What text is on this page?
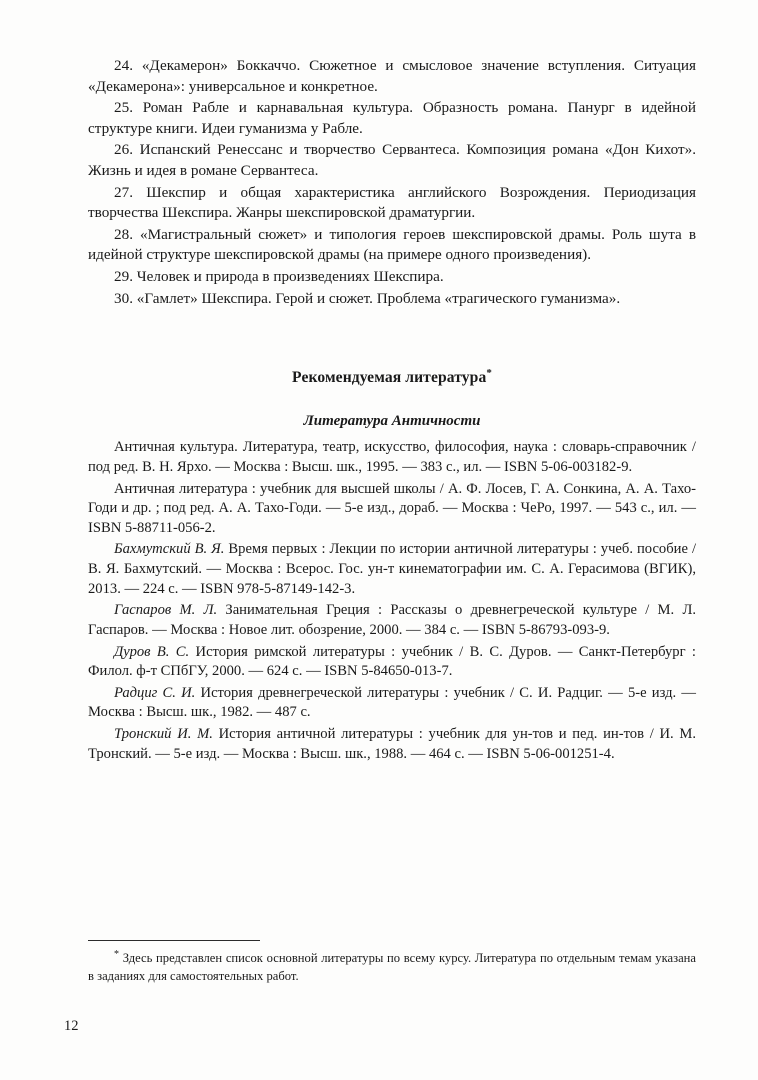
24. «Декамерон» Боккаччо. Сюжетное и смысловое значение вступления. Ситуация «Декамерона»: универсальное и конкретное.
25. Роман Рабле и карнавальная культура. Образность романа. Панург в идейной структуре книги. Идеи гуманизма у Рабле.
26. Испанский Ренессанс и творчество Сервантеса. Композиция романа «Дон Кихот». Жизнь и идея в романе Сервантеса.
27. Шекспир и общая характеристика английского Возрождения. Периодизация творчества Шекспира. Жанры шекспировской драматургии.
28. «Магистральный сюжет» и типология героев шекспировской драмы. Роль шута в идейной структуре шекспировской драмы (на примере одного произведения).
29. Человек и природа в произведениях Шекспира.
30. «Гамлет» Шекспира. Герой и сюжет. Проблема «трагического гуманизма».
Рекомендуемая литература*
Литература Античности
Античная культура. Литература, театр, искусство, философия, наука : словарь-справочник / под ред. В. Н. Ярхо. — Москва : Высш. шк., 1995. — 383 с., ил. — ISBN 5-06-003182-9.
Античная литература : учебник для высшей школы / А. Ф. Лосев, Г. А. Сонкина, А. А. Тахо-Годи и др. ; под ред. А. А. Тахо-Годи. — 5-е изд., дораб. — Москва : ЧеРо, 1997. — 543 с., ил. — ISBN 5-88711-056-2.
Бахмутский В. Я. Время первых : Лекции по истории античной литературы : учеб. пособие / В. Я. Бахмутский. — Москва : Всерос. Гос. ун-т кинематографии им. С. А. Герасимова (ВГИК), 2013. — 224 с. — ISBN 978-5-87149-142-3.
Гаспаров М. Л. Занимательная Греция : Рассказы о древнегреческой культуре / М. Л. Гаспаров. — Москва : Новое лит. обозрение, 2000. — 384 с. — ISBN 5-86793-093-9.
Дуров В. С. История римской литературы : учебник / В. С. Дуров. — Санкт-Петербург : Филол. ф-т СПбГУ, 2000. — 624 с. — ISBN 5-84650-013-7.
Радциг С. И. История древнегреческой литературы : учебник / С. И. Радциг. — 5-е изд. — Москва : Высш. шк., 1982. — 487 с.
Тронский И. М. История античной литературы : учебник для ун-тов и пед. ин-тов / И. М. Тронский. — 5-е изд. — Москва : Высш. шк., 1988. — 464 с. — ISBN 5-06-001251-4.

* Здесь представлен список основной литературы по всему курсу. Литература по отдельным темам указана в заданиях для самостоятельных работ.

12
